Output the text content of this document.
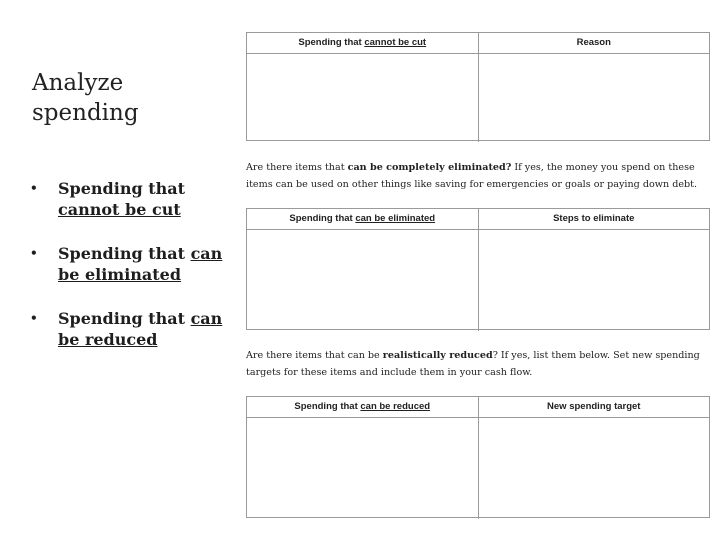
Analyze spending

• Spending that cannot be cut

• Spending that can be eliminated

• Spending that can be reduced

Spending that cannot be cut	Reason
Are there items that can be completely eliminated? If yes, the money you spend on these items can be used on other things like saving for emergencies or goals or paying down debt.
Spending that can be eliminated	Steps to eliminate
Are there items that can be realistically reduced? If yes, list them below. Set new spending targets for these items and include them in your cash flow.
Spending that can be reduced	New spending target
